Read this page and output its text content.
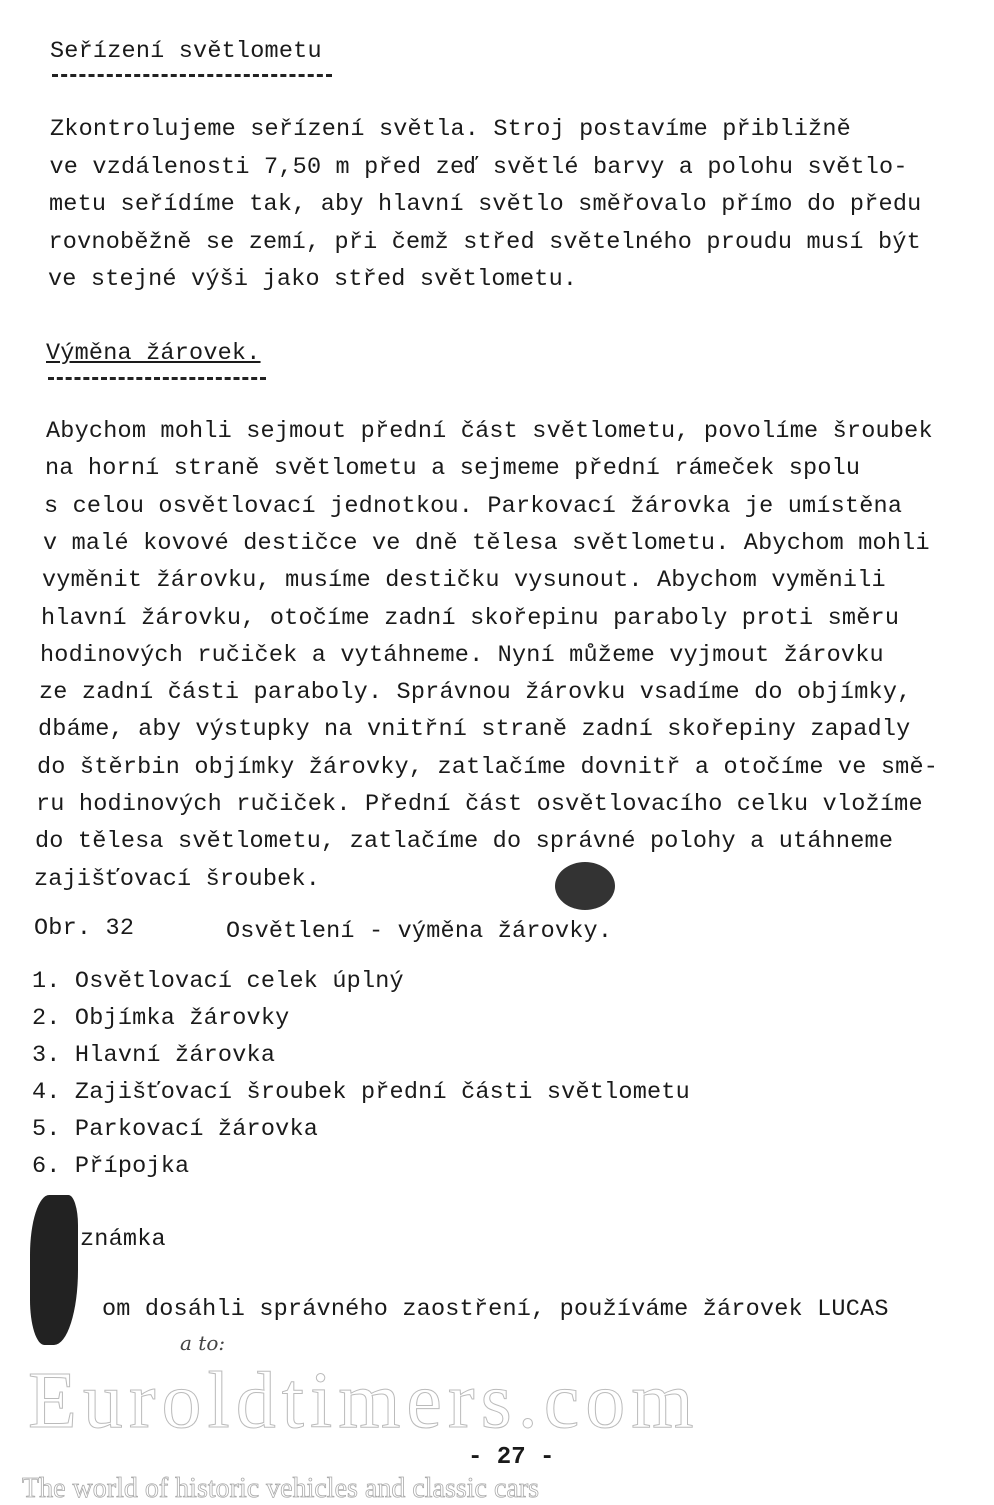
Seřízení světlometu
Zkontrolujeme seřízení světla. Stroj postavíme přibližně
ve vzdálenosti 7,50 m před zeď světlé barvy a polohu světlo-
metu seřídíme tak, aby hlavní světlo směřovalo přímo do předu
rovnoběžně se zemí, při čemž střed světelného proudu musí být
ve stejné výši jako střed světlometu.
Výměna žárovek.
Abychom mohli sejmout přední část světlometu, povolíme šroubek
na horní straně světlometu a sejmeme přední rámeček spolu
s celou osvětlovací jednotkou. Parkovací žárovka je umístěna
v malé kovové destičce ve dně tělesa světlometu. Abychom mohli
vyměnit žárovku, musíme destičku vysunout. Abychom vyměnili
hlavní žárovku, otočíme zadní skořepinu paraboly proti směru
hodinových ručiček a vytáhneme. Nyní můžeme vyjmout žárovku
ze zadní části paraboly. Správnou žárovku vsadíme do objímky,
dbáme, aby výstupky na vnitřní straně zadní skořepiny zapadly
do štěrbin objímky žárovky, zatlačíme dovnitř a otočíme ve smě-
ru hodinových ručiček. Přední část osvětlovacího celku vložíme
do tělesa světlometu, zatlačíme do správné polohy a utáhneme
zajišťovací šroubek.
Obr. 32	Osvětlení - výměna žárovky.
1. Osvětlovací celek úplný
2. Objímka žárovky
3. Hlavní žárovka
4. Zajišťovací šroubek přední části světlometu
5. Parkovací žárovka
6. Přípojka
známka
om dosáhli správného zaostření, používáme žárovek LUCAS
a to:
Euroldtimers.com
- 27 -
The world of historic vehicles and classic cars
